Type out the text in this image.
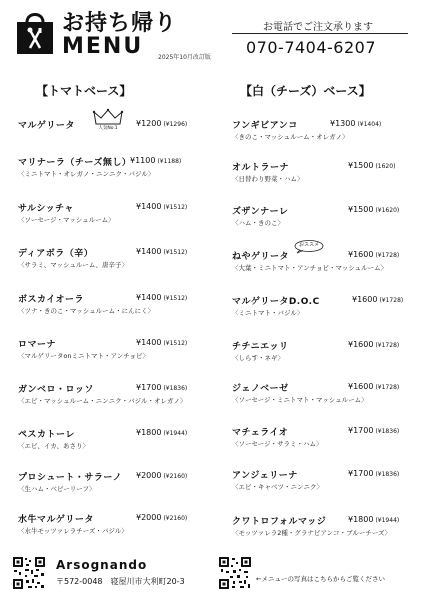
お持ち帰り
MENU 2025年10月改訂版
お電話でご注文承ります
070-7404-6207
【トマトベース】	【白（チーズ）ベース】
マルゲリータ	人気No.1
¥1200 (¥1296)
マリナーラ（チーズ無し）
¥1100 (¥1188)
〈ミニトマト・オレガノ・ニンニク・バジル〉
サルシッチャ	¥1400 (¥1512)
〈ソーセージ・マッシュルーム〉
ディアボラ（辛）	¥1400 (¥1512)
〈サラミ、マッシュルーム、唐辛子〉
ボスカイオーラ	¥1400 (¥1512)
〈ツナ・きのこ・マッシュルーム・にんにく〉
ロマーナ	¥1400 (¥1512)
〈マルゲリータonミニトマト・アンチョビ〉
ガンベロ・ロッソ	¥1700 (¥1836)
〈エビ・マッシュルーム・ニンニク・バジル・オレガノ〉
ペスカトーレ	¥1800 (¥1944)
〈エビ、イカ、あさり〉
プロシュート・サラーノ ¥2000 (¥2160)
〈生ハム・ベビーリーフ〉
水牛マルゲリータ	¥2000 (¥2160)
〈水牛モッツァレラチーズ・バジル〉
フンギビアンコ	¥1300 (¥1404)
〈きのこ・マッシュルーム・オレガノ〉
オルトラーナ	¥1500 (1620)
〈日替わり野菜・ハム〉
ズザンナーレ	¥1500 (¥1620)
〈ハム・きのこ〉
ねやゲリータ
おススメ
¥1600 (¥1728)
〈大葉・ミニトマト・アンチョビ・マッシュルーム〉
マルゲリータD.O.C	¥1600 (¥1728)
〈ミニトマト・バジル〉
チチニエッリ	¥1600 (¥1728)
〈しらす・ネギ〉
ジェノベーゼ	¥1600 (¥1728)
〈ソーセージ・ミニトマト・マッシュルーム〉
マチェライオ	¥1700 (¥1836)
〈ソーセージ・サラミ・ハム〉
アンジェリーナ	¥1700 (¥1836)
〈エビ・キャベツ・ニンニク〉
クワトロフォルマッジ	¥1800 (¥1944)
〈モッツァレラ2種・グラナビアンコ・ブルーチーズ〉
Arsognando
〒572-0048　寝屋川市大利町20-3	←メニューの写真はこちらからご覧ください
